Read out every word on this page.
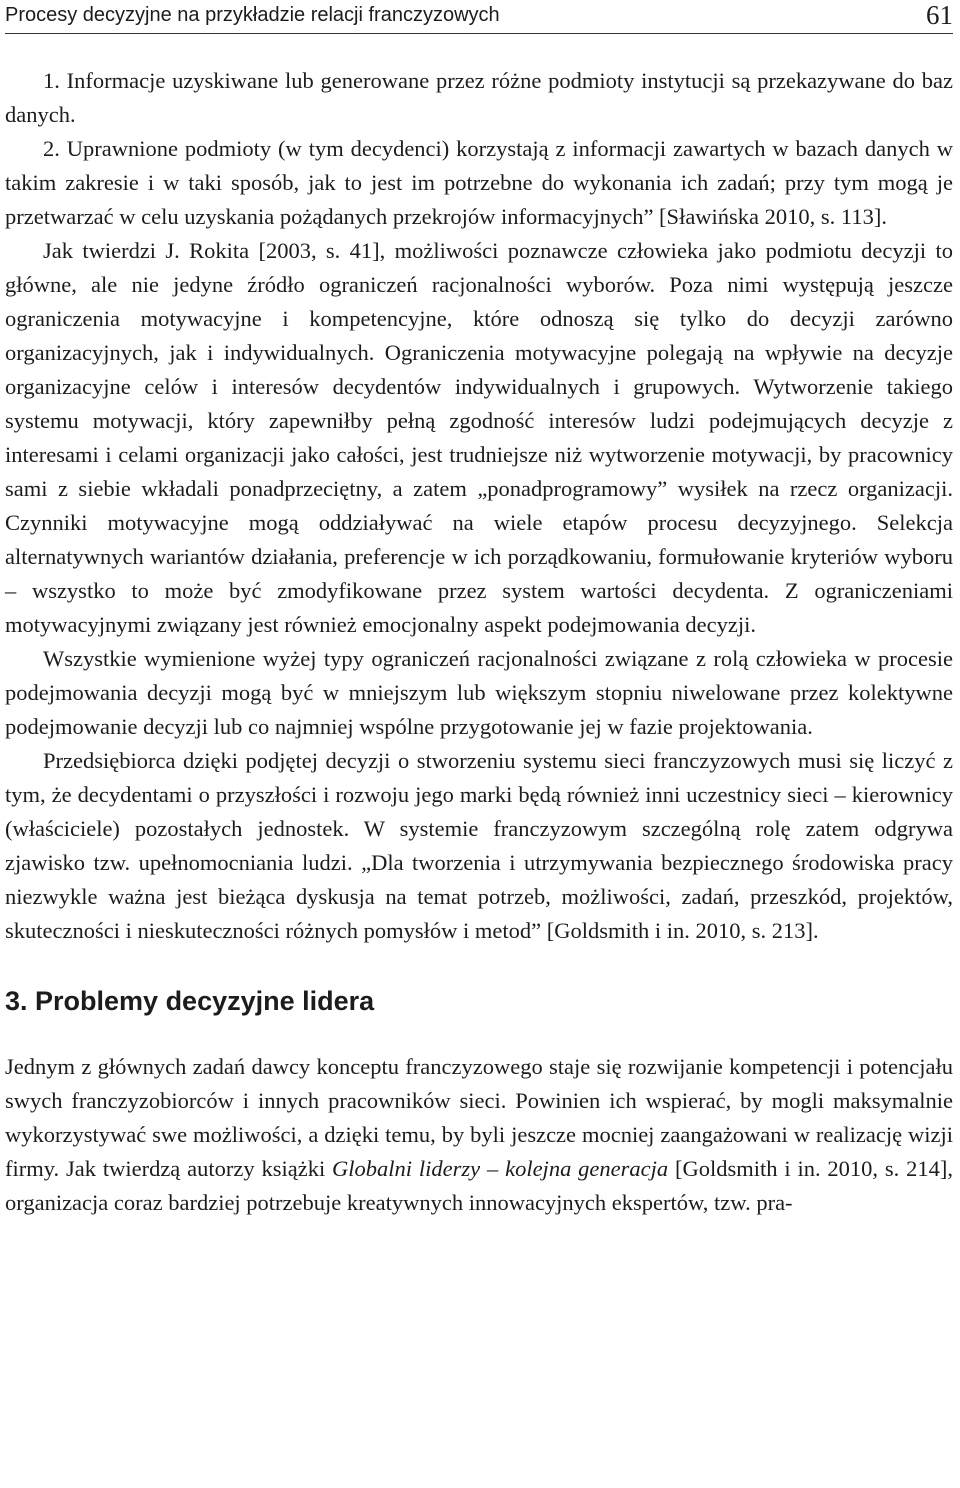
Procesy decyzyjne na przykładzie relacji franczyzowych	61
1. Informacje uzyskiwane lub generowane przez różne podmioty instytucji są przekazywane do baz danych.
2. Uprawnione podmioty (w tym decydenci) korzystają z informacji zawartych w bazach danych w takim zakresie i w taki sposób, jak to jest im potrzebne do wykonania ich zadań; przy tym mogą je przetwarzać w celu uzyskania pożądanych przekrojów informacyjnych” [Sławińska 2010, s. 113].

Jak twierdzi J. Rokita [2003, s. 41], możliwości poznawcze człowieka jako podmiotu decyzji to główne, ale nie jedyne źródło ograniczeń racjonalności wyborów. Poza nimi występują jeszcze ograniczenia motywacyjne i kompetencyjne, które odnoszą się tylko do decyzji zarówno organizacyjnych, jak i indywidualnych. Ograniczenia motywacyjne polegają na wpływie na decyzje organizacyjne celów i interesów decydentów indywidualnych i grupowych. Wytworzenie takiego systemu motywacji, który zapewniłby pełną zgodność interesów ludzi podejmujących decyzje z interesami i celami organizacji jako całości, jest trudniejsze niż wytworzenie motywacji, by pracownicy sami z siebie wkładali ponadprzeciętny, a zatem „ponadprogramowy” wysiłek na rzecz organizacji. Czynniki motywacyjne mogą oddziaływać na wiele etapów procesu decyzyjnego. Selekcja alternatywnych wariantów działania, preferencje w ich porządkowaniu, formułowanie kryteriów wyboru – wszystko to może być zmodyfikowane przez system wartości decydenta. Z ograniczeniami motywacyjnymi związany jest również emocjonalny aspekt podejmowania decyzji.

Wszystkie wymienione wyżej typy ograniczeń racjonalności związane z rolą człowieka w procesie podejmowania decyzji mogą być w mniejszym lub większym stopniu niwelowane przez kolektywne podejmowanie decyzji lub co najmniej wspólne przygotowanie jej w fazie projektowania.

Przedsiębiorca dzięki podjętej decyzji o stworzeniu systemu sieci franczyzowych musi się liczyć z tym, że decydentami o przyszłości i rozwoju jego marki będą również inni uczestnicy sieci – kierownicy (właściciele) pozostałych jednostek. W systemie franczyzowym szczególną rolę zatem odgrywa zjawisko tzw. upełnomocniania ludzi. „Dla tworzenia i utrzymywania bezpiecznego środowiska pracy niezwykle ważna jest bieżąca dyskusja na temat potrzeb, możliwości, zadań, przeszkód, projektów, skuteczności i nieskuteczności różnych pomysłów i metod” [Goldsmith i in. 2010, s. 213].

3. Problemy decyzyjne lidera

Jednym z głównych zadań dawcy konceptu franczyzowego staje się rozwijanie kompetencji i potencjału swych franczyzobiorców i innych pracowników sieci. Powinien ich wspierać, by mogli maksymalnie wykorzystywać swe możliwości, a dzięki temu, by byli jeszcze mocniej zaangażowani w realizację wizji firmy. Jak twierdzą autorzy książki Globalni liderzy – kolejna generacja [Goldsmith i in. 2010, s. 214], organizacja coraz bardziej potrzebuje kreatywnych innowacyjnych ekspertów, tzw. pra-
